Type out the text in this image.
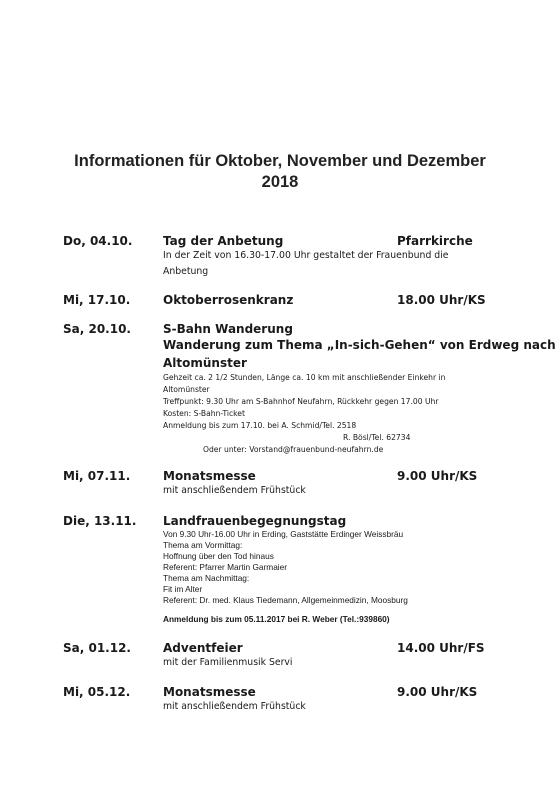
Informationen für Oktober, November und Dezember
2018
Do, 04.10.	Tag der Anbetung	Pfarrkirche
In der Zeit von 16.30-17.00 Uhr gestaltet der Frauenbund die
Anbetung
Mi, 17.10.	Oktoberrosenkranz	18.00 Uhr/KS
Sa, 20.10.	S-Bahn Wanderung
Wanderung zum Thema „In-sich-Gehen“ von Erdweg nach
Altomünster
Gehzeit ca. 2 1/2 Stunden, Länge ca. 10 km mit anschließender Einkehr in
Altomünster
Treffpunkt: 9.30 Uhr am S-Bahnhof Neufahrn, Rückkehr gegen 17.00 Uhr
Kosten: S-Bahn-Ticket
Anmeldung bis zum 17.10. bei A. Schmid/Tel. 2518
R. Bösl/Tel. 62734
Oder unter: Vorstand@frauenbund-neufahrn.de
Mi, 07.11.	Monatsmesse	9.00 Uhr/KS
mit anschließendem Frühstück
Die, 13.11. Landfrauenbegegnungstag
Von 9.30 Uhr-16.00 Uhr in Erding, Gaststätte Erdinger Weissbräu
Thema am Vormittag:
Hoffnung über den Tod hinaus
Referent: Pfarrer Martin Garmaier
Thema am Nachmittag:
Fit im Alter
Referent: Dr. med. Klaus Tiedemann, Allgemeinmedizin, Moosburg
Anmeldung bis zum 05.11.2017 bei R. Weber (Tel.:939860)
Sa, 01.12.	Adventfeier	14.00 Uhr/FS
mit der Familienmusik Servi
Mi, 05.12.	Monatsmesse	9.00 Uhr/KS
mit anschließendem Frühstück
